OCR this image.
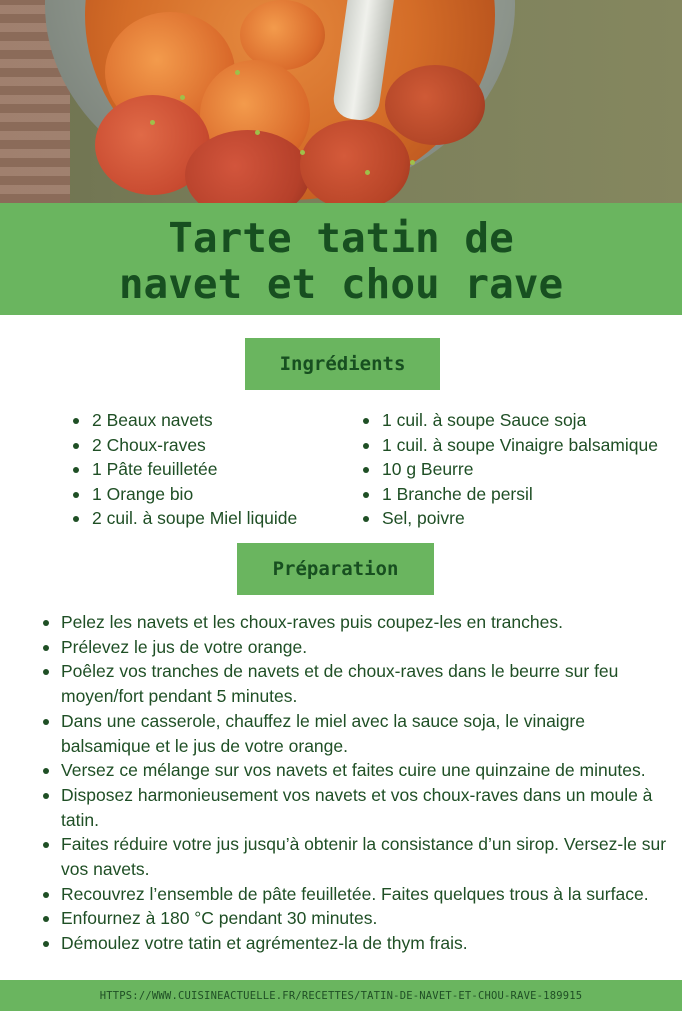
Tarte tatin de
navet et chou rave
Ingrédients
2 Beaux navets
2 Choux-raves
1 Pâte feuilletée
1 Orange bio
2 cuil. à soupe Miel liquide
1 cuil. à soupe Sauce soja
1 cuil. à soupe Vinaigre balsamique
10 g Beurre
1 Branche de persil
Sel, poivre
Préparation
Pelez les navets et les choux-raves puis coupez-les en tranches.
Prélevez le jus de votre orange.
Poêlez vos tranches de navets et de choux-raves dans le beurre sur feu moyen/fort pendant 5 minutes.
Dans une casserole, chauffez le miel avec la sauce soja, le vinaigre balsamique et le jus de votre orange.
Versez ce mélange sur vos navets et faites cuire une quinzaine de minutes.
Disposez harmonieusement vos navets et vos choux-raves dans un moule à tatin.
Faites réduire votre jus jusqu’à obtenir la consistance d’un sirop. Versez-le sur vos navets.
Recouvrez l’ensemble de pâte feuilletée. Faites quelques trous à la surface.
Enfournez à 180 °C pendant 30 minutes.
Démoulez votre tatin et agrémentez-la de thym frais.
HTTPS://WWW.CUISINEACTUELLE.FR/RECETTES/TATIN-DE-NAVET-ET-CHOU-RAVE-189915
